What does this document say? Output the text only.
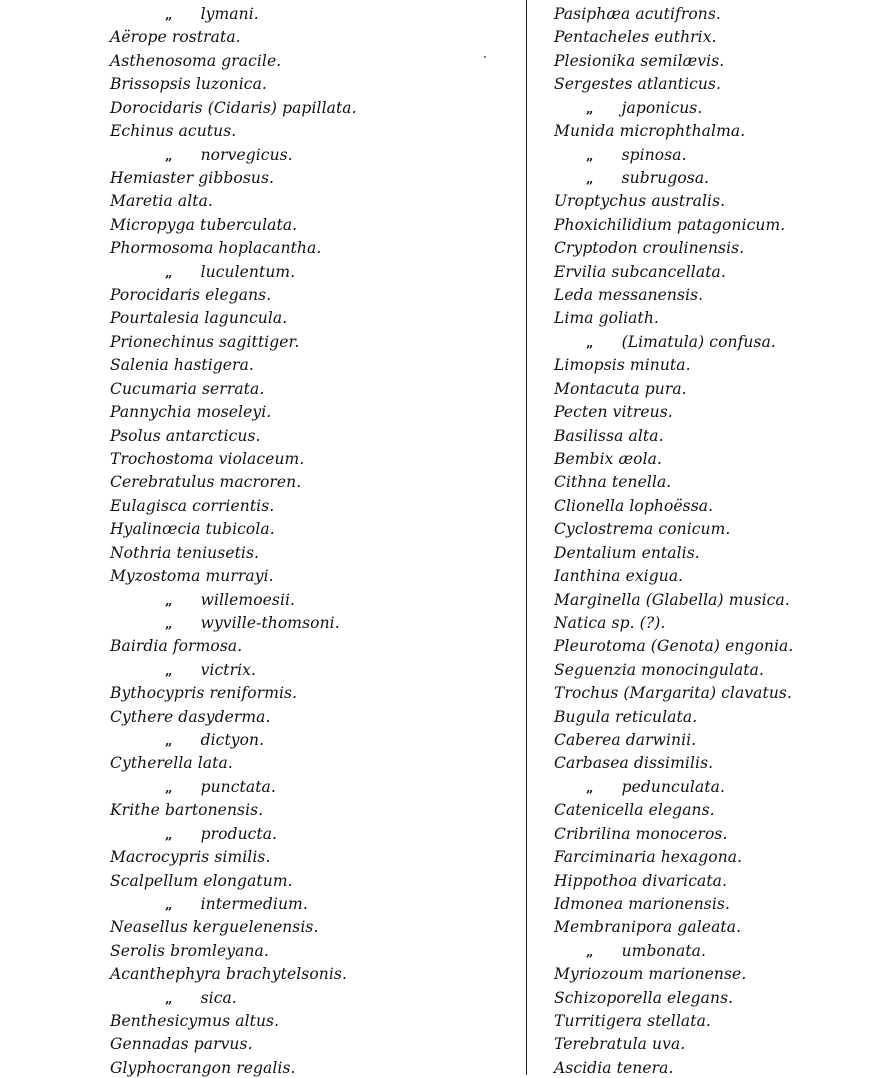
„ lymani.
Aërope rostrata.
Asthenosoma gracile.
Brissopsis luzonica.
Dorocidaris (Cidaris) papillata.
Echinus acutus.
„ norvegicus.
Hemiaster gibbosus.
Maretia alta.
Micropyga tuberculata.
Phormosoma hoplacantha.
„ luculentum.
Porocidaris elegans.
Pourtalesia laguncula.
Prionechinus sagittiger.
Salenia hastigera.
Cucumaria serrata.
Pannychia moseleyi.
Psolus antarcticus.
Trochostoma violaceum.
Cerebratulus macroren.
Eulagisca corrientis.
Hyalinœcia tubicola.
Nothria teniusetis.
Myzostoma murrayi.
„ willemoesii.
„ wyville-thomsoni.
Bairdia formosa.
„ victrix.
Bythocypris reniformis.
Cythere dasyderma.
„ dictyon.
Cytherella lata.
„ punctata.
Krithe bartonensis.
„ producta.
Macrocypris similis.
Scalpellum elongatum.
„ intermedium.
Neasellus kerguelenensis.
Serolis bromleyana.
Acanthephyra brachytelsonis.
„ sica.
Benthesicymus altus.
Gennadas parvus.
Glyphocrangon regalis.
Pasiphæa acutifrons.
Pentacheles euthrix.
Plesionika semilævis.
Sergestes atlanticus.
„ japonicus.
Munida microphthalma.
„ spinosa.
„ subrugosa.
Uroptychus australis.
Phoxichilidium patagonicum.
Cryptodon croulinensis.
Ervilia subcancellata.
Leda messanensis.
Lima goliath.
„ (Limatula) confusa.
Limopsis minuta.
Montacuta pura.
Pecten vitreus.
Basilissa alta.
Bembix æola.
Cithna tenella.
Clionella lophoëssa.
Cyclostrema conicum.
Dentalium entalis.
Ianthina exigua.
Marginella (Glabella) musica.
Natica sp. (?).
Pleurotoma (Genota) engonia.
Seguenzia monocingulata.
Trochus (Margarita) clavatus.
Bugula reticulata.
Caberea darwinii.
Carbasea dissimilis.
„ pedunculata.
Catenicella elegans.
Cribrilina monoceros.
Farciminaria hexagona.
Hippothoa divaricata.
Idmonea marionensis.
Membranipora galeata.
„ umbonata.
Myriozoum marionense.
Schizoporella elegans.
Turritigera stellata.
Terebratula uva.
Ascidia tenera.
